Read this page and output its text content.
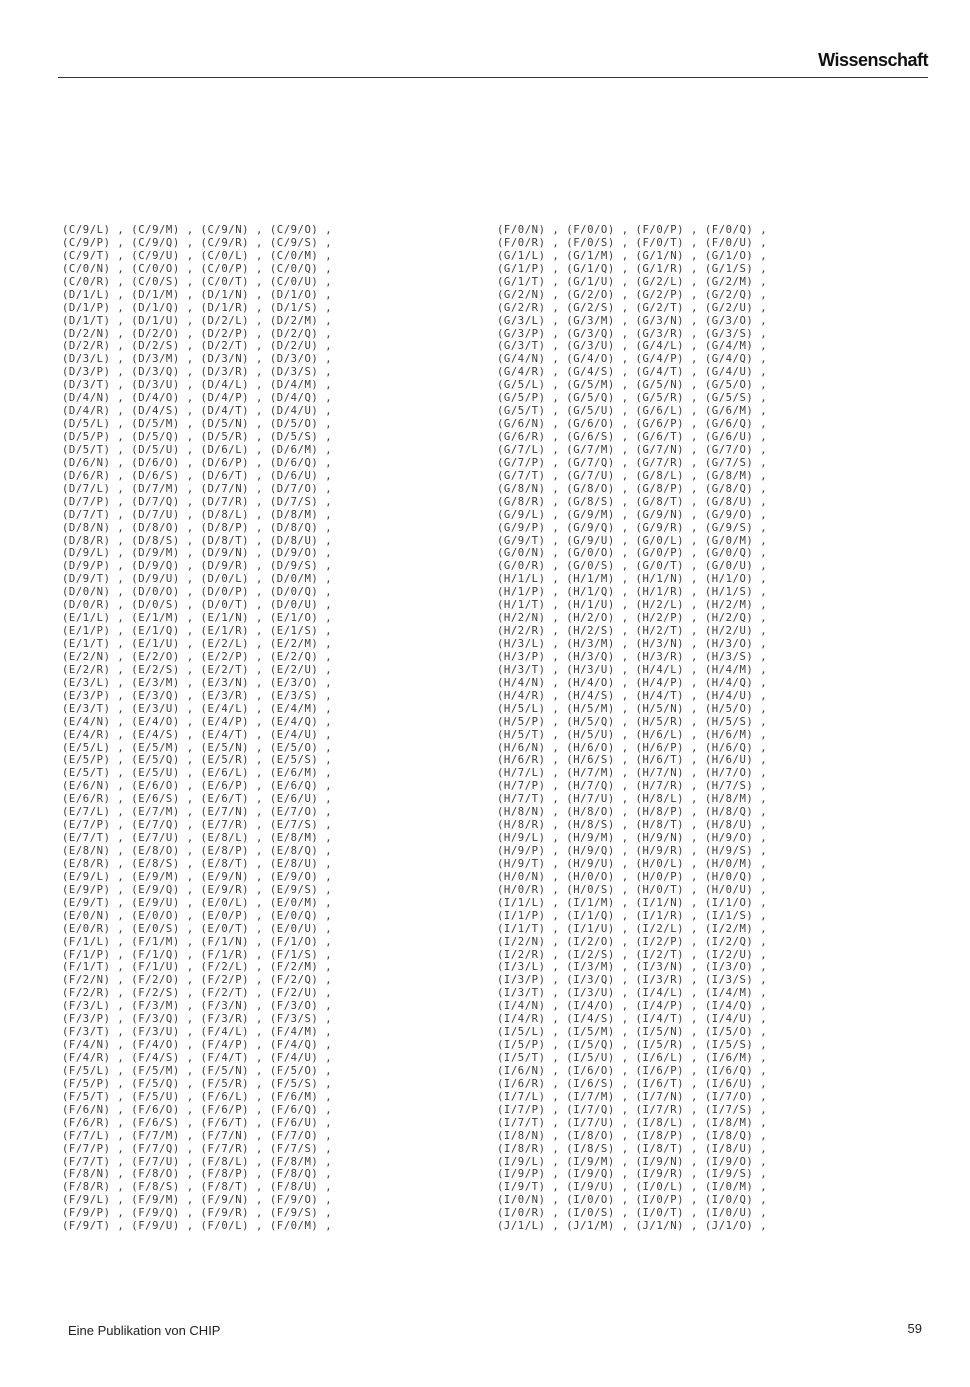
Wissenschaft
(C/9/L) , (C/9/M) , (C/9/N) , (C/9/O) ,
(C/9/P) , (C/9/Q) , (C/9/R) , (C/9/S) ,
(C/9/T) , (C/9/U) , (C/0/L) , (C/0/M) ,
(C/0/N) , (C/0/O) , (C/0/P) , (C/0/Q) ,
(C/0/R) , (C/0/S) , (C/0/T) , (C/0/U) ,
(D/1/L) , (D/1/M) , (D/1/N) , (D/1/O) ,
(D/1/P) , (D/1/Q) , (D/1/R) , (D/1/S) ,
(D/1/T) , (D/1/U) , (D/2/L) , (D/2/M) ,
(D/2/N) , (D/2/O) , (D/2/P) , (D/2/Q) ,
(D/2/R) , (D/2/S) , (D/2/T) , (D/2/U) ,
(D/3/L) , (D/3/M) , (D/3/N) , (D/3/O) ,
(D/3/P) , (D/3/Q) , (D/3/R) , (D/3/S) ,
(D/3/T) , (D/3/U) , (D/4/L) , (D/4/M) ,
(D/4/N) , (D/4/O) , (D/4/P) , (D/4/Q) ,
(D/4/R) , (D/4/S) , (D/4/T) , (D/4/U) ,
(D/5/L) , (D/5/M) , (D/5/N) , (D/5/O) ,
(D/5/P) , (D/5/Q) , (D/5/R) , (D/5/S) ,
(D/5/T) , (D/5/U) , (D/6/L) , (D/6/M) ,
(D/6/N) , (D/6/O) , (D/6/P) , (D/6/Q) ,
(D/6/R) , (D/6/S) , (D/6/T) , (D/6/U) ,
(D/7/L) , (D/7/M) , (D/7/N) , (D/7/O) ,
(D/7/P) , (D/7/Q) , (D/7/R) , (D/7/S) ,
(D/7/T) , (D/7/U) , (D/8/L) , (D/8/M) ,
(D/8/N) , (D/8/O) , (D/8/P) , (D/8/Q) ,
(D/8/R) , (D/8/S) , (D/8/T) , (D/8/U) ,
(D/9/L) , (D/9/M) , (D/9/N) , (D/9/O) ,
(D/9/P) , (D/9/Q) , (D/9/R) , (D/9/S) ,
(D/9/T) , (D/9/U) , (D/0/L) , (D/0/M) ,
(D/0/N) , (D/0/O) , (D/0/P) , (D/0/Q) ,
(D/0/R) , (D/0/S) , (D/0/T) , (D/0/U) ,
(E/1/L) , (E/1/M) , (E/1/N) , (E/1/O) ,
(E/1/P) , (E/1/Q) , (E/1/R) , (E/1/S) ,
(E/1/T) , (E/1/U) , (E/2/L) , (E/2/M) ,
(E/2/N) , (E/2/O) , (E/2/P) , (E/2/Q) ,
(E/2/R) , (E/2/S) , (E/2/T) , (E/2/U) ,
(E/3/L) , (E/3/M) , (E/3/N) , (E/3/O) ,
(E/3/P) , (E/3/Q) , (E/3/R) , (E/3/S) ,
(E/3/T) , (E/3/U) , (E/4/L) , (E/4/M) ,
(E/4/N) , (E/4/O) , (E/4/P) , (E/4/Q) ,
(E/4/R) , (E/4/S) , (E/4/T) , (E/4/U) ,
(E/5/L) , (E/5/M) , (E/5/N) , (E/5/O) ,
(E/5/P) , (E/5/Q) , (E/5/R) , (E/5/S) ,
(E/5/T) , (E/5/U) , (E/6/L) , (E/6/M) ,
(E/6/N) , (E/6/O) , (E/6/P) , (E/6/Q) ,
(E/6/R) , (E/6/S) , (E/6/T) , (E/6/U) ,
(E/7/L) , (E/7/M) , (E/7/N) , (E/7/O) ,
(E/7/P) , (E/7/Q) , (E/7/R) , (E/7/S) ,
(E/7/T) , (E/7/U) , (E/8/L) , (E/8/M) ,
(E/8/N) , (E/8/O) , (E/8/P) , (E/8/Q) ,
(E/8/R) , (E/8/S) , (E/8/T) , (E/8/U) ,
(E/9/L) , (E/9/M) , (E/9/N) , (E/9/O) ,
(E/9/P) , (E/9/Q) , (E/9/R) , (E/9/S) ,
(E/9/T) , (E/9/U) , (E/0/L) , (E/0/M) ,
(E/0/N) , (E/0/O) , (E/0/P) , (E/0/Q) ,
(E/0/R) , (E/0/S) , (E/0/T) , (E/0/U) ,
(F/1/L) , (F/1/M) , (F/1/N) , (F/1/O) ,
(F/1/P) , (F/1/Q) , (F/1/R) , (F/1/S) ,
(F/1/T) , (F/1/U) , (F/2/L) , (F/2/M) ,
(F/2/N) , (F/2/O) , (F/2/P) , (F/2/Q) ,
(F/2/R) , (F/2/S) , (F/2/T) , (F/2/U) ,
(F/3/L) , (F/3/M) , (F/3/N) , (F/3/O) ,
(F/3/P) , (F/3/Q) , (F/3/R) , (F/3/S) ,
(F/3/T) , (F/3/U) , (F/4/L) , (F/4/M) ,
(F/4/N) , (F/4/O) , (F/4/P) , (F/4/Q) ,
(F/4/R) , (F/4/S) , (F/4/T) , (F/4/U) ,
(F/5/L) , (F/5/M) , (F/5/N) , (F/5/O) ,
(F/5/P) , (F/5/Q) , (F/5/R) , (F/5/S) ,
(F/5/T) , (F/5/U) , (F/6/L) , (F/6/M) ,
(F/6/N) , (F/6/O) , (F/6/P) , (F/6/Q) ,
(F/6/R) , (F/6/S) , (F/6/T) , (F/6/U) ,
(F/7/L) , (F/7/M) , (F/7/N) , (F/7/O) ,
(F/7/P) , (F/7/Q) , (F/7/R) , (F/7/S) ,
(F/7/T) , (F/7/U) , (F/8/L) , (F/8/M) ,
(F/8/N) , (F/8/O) , (F/8/P) , (F/8/Q) ,
(F/8/R) , (F/8/S) , (F/8/T) , (F/8/U) ,
(F/9/L) , (F/9/M) , (F/9/N) , (F/9/O) ,
(F/9/P) , (F/9/Q) , (F/9/R) , (F/9/S) ,
(F/9/T) , (F/9/U) , (F/0/L) , (F/0/M) ,
(F/0/N) , (F/0/O) , (F/0/P) , (F/0/Q) ,
(F/0/R) , (F/0/S) , (F/0/T) , (F/0/U) ,
(G/1/L) , (G/1/M) , (G/1/N) , (G/1/O) ,
(G/1/P) , (G/1/Q) , (G/1/R) , (G/1/S) ,
(G/1/T) , (G/1/U) , (G/2/L) , (G/2/M) ,
(G/2/N) , (G/2/O) , (G/2/P) , (G/2/Q) ,
(G/2/R) , (G/2/S) , (G/2/T) , (G/2/U) ,
(G/3/L) , (G/3/M) , (G/3/N) , (G/3/O) ,
(G/3/P) , (G/3/Q) , (G/3/R) , (G/3/S) ,
(G/3/T) , (G/3/U) , (G/4/L) , (G/4/M) ,
(G/4/N) , (G/4/O) , (G/4/P) , (G/4/Q) ,
(G/4/R) , (G/4/S) , (G/4/T) , (G/4/U) ,
(G/5/L) , (G/5/M) , (G/5/N) , (G/5/O) ,
(G/5/P) , (G/5/Q) , (G/5/R) , (G/5/S) ,
(G/5/T) , (G/5/U) , (G/6/L) , (G/6/M) ,
(G/6/N) , (G/6/O) , (G/6/P) , (G/6/Q) ,
(G/6/R) , (G/6/S) , (G/6/T) , (G/6/U) ,
(G/7/L) , (G/7/M) , (G/7/N) , (G/7/O) ,
(G/7/P) , (G/7/Q) , (G/7/R) , (G/7/S) ,
(G/7/T) , (G/7/U) , (G/8/L) , (G/8/M) ,
(G/8/N) , (G/8/O) , (G/8/P) , (G/8/Q) ,
(G/8/R) , (G/8/S) , (G/8/T) , (G/8/U) ,
(G/9/L) , (G/9/M) , (G/9/N) , (G/9/O) ,
(G/9/P) , (G/9/Q) , (G/9/R) , (G/9/S) ,
(G/9/T) , (G/9/U) , (G/0/L) , (G/0/M) ,
(G/0/N) , (G/0/O) , (G/0/P) , (G/0/Q) ,
(G/0/R) , (G/0/S) , (G/0/T) , (G/0/U) ,
(H/1/L) , (H/1/M) , (H/1/N) , (H/1/O) ,
(H/1/P) , (H/1/Q) , (H/1/R) , (H/1/S) ,
(H/1/T) , (H/1/U) , (H/2/L) , (H/2/M) ,
(H/2/N) , (H/2/O) , (H/2/P) , (H/2/Q) ,
(H/2/R) , (H/2/S) , (H/2/T) , (H/2/U) ,
(H/3/L) , (H/3/M) , (H/3/N) , (H/3/O) ,
(H/3/P) , (H/3/Q) , (H/3/R) , (H/3/S) ,
(H/3/T) , (H/3/U) , (H/4/L) , (H/4/M) ,
(H/4/N) , (H/4/O) , (H/4/P) , (H/4/Q) ,
(H/4/R) , (H/4/S) , (H/4/T) , (H/4/U) ,
(H/5/L) , (H/5/M) , (H/5/N) , (H/5/O) ,
(H/5/P) , (H/5/Q) , (H/5/R) , (H/5/S) ,
(H/5/T) , (H/5/U) , (H/6/L) , (H/6/M) ,
(H/6/N) , (H/6/O) , (H/6/P) , (H/6/Q) ,
(H/6/R) , (H/6/S) , (H/6/T) , (H/6/U) ,
(H/7/L) , (H/7/M) , (H/7/N) , (H/7/O) ,
(H/7/P) , (H/7/Q) , (H/7/R) , (H/7/S) ,
(H/7/T) , (H/7/U) , (H/8/L) , (H/8/M) ,
(H/8/N) , (H/8/O) , (H/8/P) , (H/8/Q) ,
(H/8/R) , (H/8/S) , (H/8/T) , (H/8/U) ,
(H/9/L) , (H/9/M) , (H/9/N) , (H/9/O) ,
(H/9/P) , (H/9/Q) , (H/9/R) , (H/9/S) ,
(H/9/T) , (H/9/U) , (H/0/L) , (H/0/M) ,
(H/0/N) , (H/0/O) , (H/0/P) , (H/0/Q) ,
(H/0/R) , (H/0/S) , (H/0/T) , (H/0/U) ,
(I/1/L) , (I/1/M) , (I/1/N) , (I/1/O) ,
(I/1/P) , (I/1/Q) , (I/1/R) , (I/1/S) ,
(I/1/T) , (I/1/U) , (I/2/L) , (I/2/M) ,
(I/2/N) , (I/2/O) , (I/2/P) , (I/2/Q) ,
(I/2/R) , (I/2/S) , (I/2/T) , (I/2/U) ,
(I/3/L) , (I/3/M) , (I/3/N) , (I/3/O) ,
(I/3/P) , (I/3/Q) , (I/3/R) , (I/3/S) ,
(I/3/T) , (I/3/U) , (I/4/L) , (I/4/M) ,
(I/4/N) , (I/4/O) , (I/4/P) , (I/4/Q) ,
(I/4/R) , (I/4/S) , (I/4/T) , (I/4/U) ,
(I/5/L) , (I/5/M) , (I/5/N) , (I/5/O) ,
(I/5/P) , (I/5/Q) , (I/5/R) , (I/5/S) ,
(I/5/T) , (I/5/U) , (I/6/L) , (I/6/M) ,
(I/6/N) , (I/6/O) , (I/6/P) , (I/6/Q) ,
(I/6/R) , (I/6/S) , (I/6/T) , (I/6/U) ,
(I/7/L) , (I/7/M) , (I/7/N) , (I/7/O) ,
(I/7/P) , (I/7/Q) , (I/7/R) , (I/7/S) ,
(I/7/T) , (I/7/U) , (I/8/L) , (I/8/M) ,
(I/8/N) , (I/8/O) , (I/8/P) , (I/8/Q) ,
(I/8/R) , (I/8/S) , (I/8/T) , (I/8/U) ,
(I/9/L) , (I/9/M) , (I/9/N) , (I/9/O) ,
(I/9/P) , (I/9/Q) , (I/9/R) , (I/9/S) ,
(I/9/T) , (I/9/U) , (I/0/L) , (I/0/M) ,
(I/0/N) , (I/0/O) , (I/0/P) , (I/0/Q) ,
(I/0/R) , (I/0/S) , (I/0/T) , (I/0/U) ,
(J/1/L) , (J/1/M) , (J/1/N) , (J/1/O) ,
Eine Publikation von CHIP	59
